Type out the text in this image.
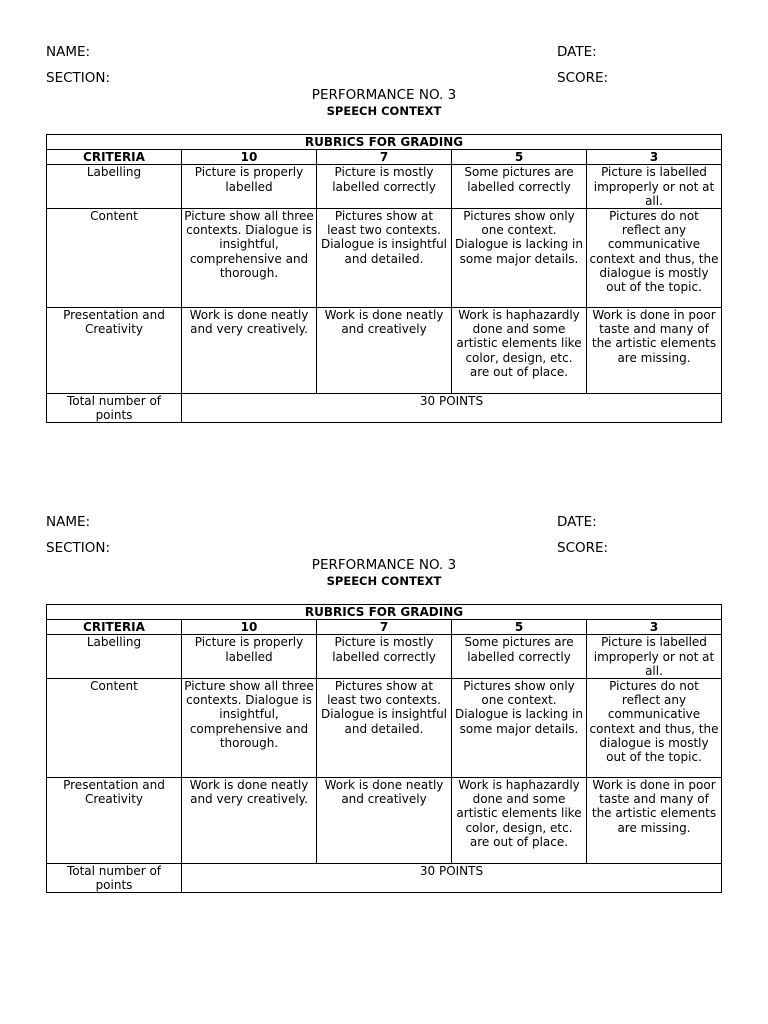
NAME:
SECTION:
DATE:
SCORE:
PERFORMANCE NO. 3
SPEECH CONTEXT
RUBRICS FOR GRADING				
CRITERIA	10	7	5	3
Labelling	Picture is properly labelled	Picture is mostly labelled correctly	Some pictures are labelled correctly	Picture is labelled improperly or not at all.
Content	Picture show all three contexts. Dialogue is insightful, comprehensive and thorough.	Pictures show at least two contexts. Dialogue is insightful and detailed.	Pictures show only one context. Dialogue is lacking in some major details.	Pictures do not reflect any communicative context and thus, the dialogue is mostly out of the topic.
Presentation and Creativity	Work is done neatly and very creatively.	Work is done neatly and creatively	Work is haphazardly done and some artistic elements like color, design, etc. are out of place.	Work is done in poor taste and many of the artistic elements are missing.
Total number of points	30 POINTS			
NAME:
SECTION:
DATE:
SCORE:
PERFORMANCE NO. 3
SPEECH CONTEXT
RUBRICS FOR GRADING				
CRITERIA	10	7	5	3
Labelling	Picture is properly labelled	Picture is mostly labelled correctly	Some pictures are labelled correctly	Picture is labelled improperly or not at all.
Content	Picture show all three contexts. Dialogue is insightful, comprehensive and thorough.	Pictures show at least two contexts. Dialogue is insightful and detailed.	Pictures show only one context. Dialogue is lacking in some major details.	Pictures do not reflect any communicative context and thus, the dialogue is mostly out of the topic.
Presentation and Creativity	Work is done neatly and very creatively.	Work is done neatly and creatively	Work is haphazardly done and some artistic elements like color, design, etc. are out of place.	Work is done in poor taste and many of the artistic elements are missing.
Total number of points	30 POINTS			
